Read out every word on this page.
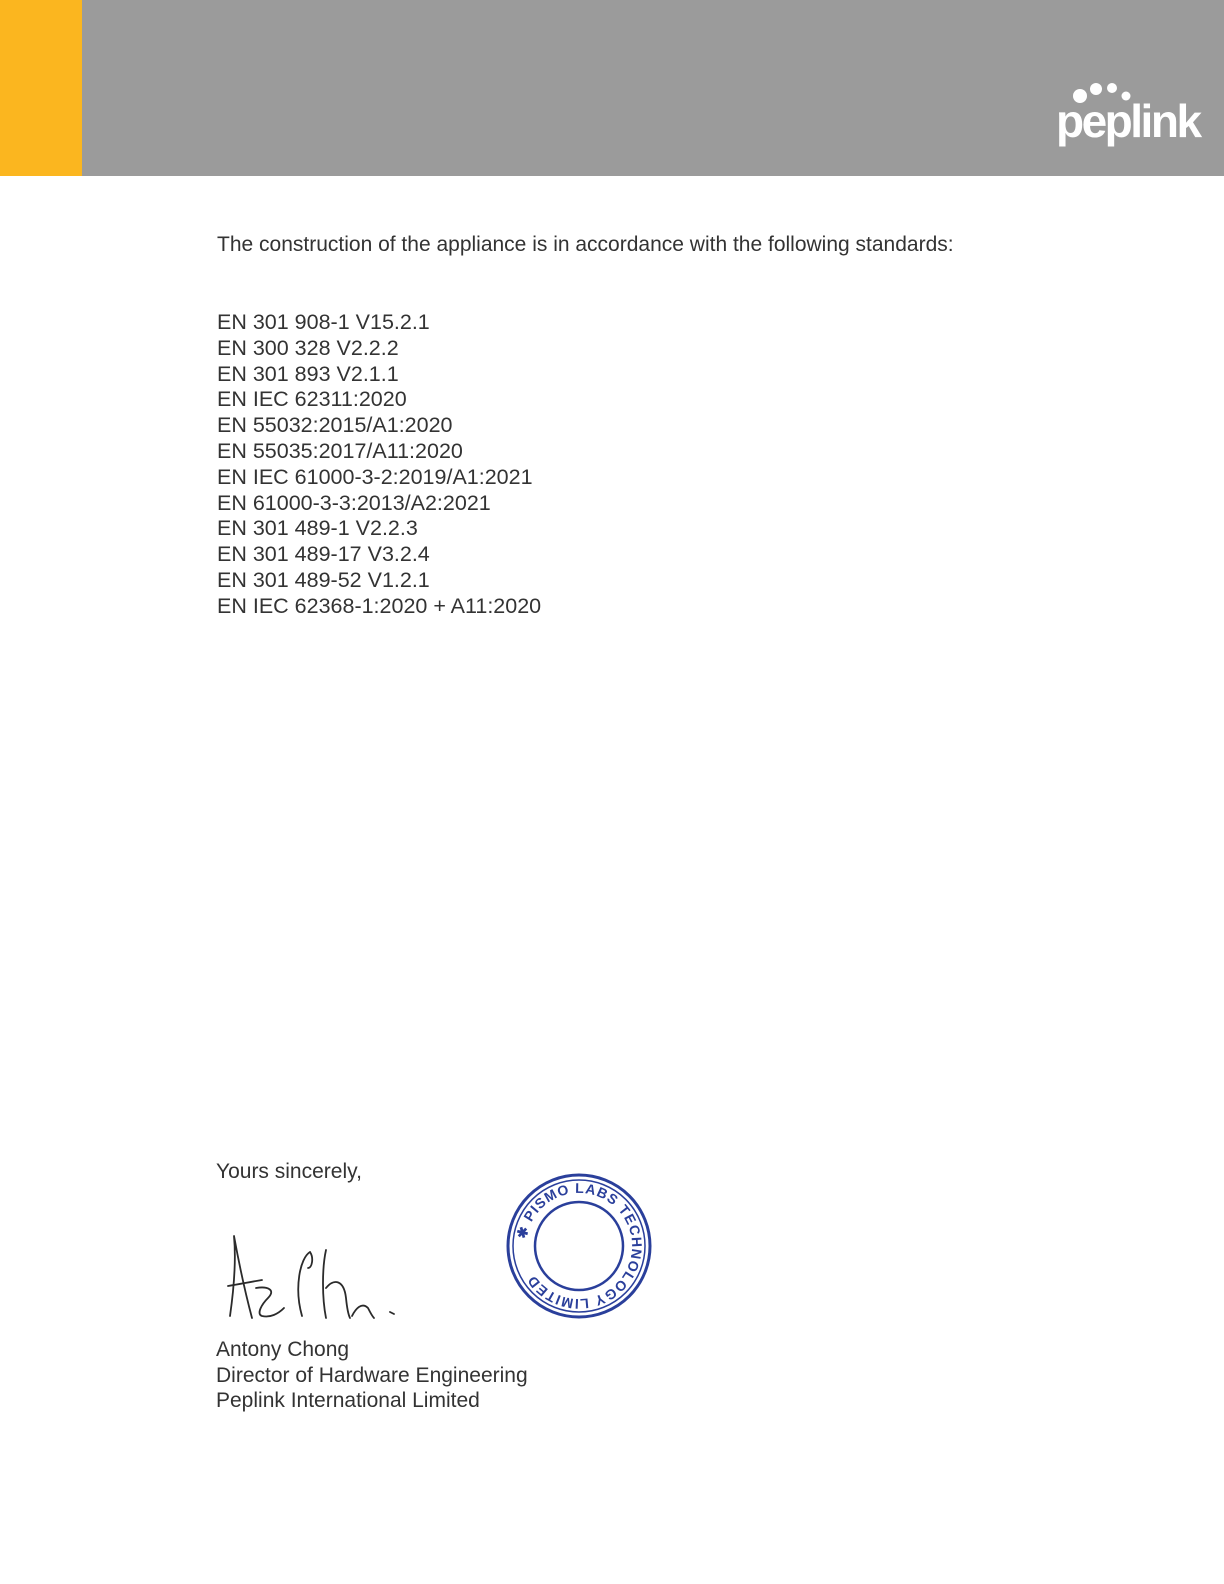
peplink
The construction of the appliance is in accordance with the following standards:
EN 301 908-1 V15.2.1
EN 300 328 V2.2.2
EN 301 893 V2.1.1
EN IEC 62311:2020
EN 55032:2015/A1:2020
EN 55035:2017/A11:2020
EN IEC 61000-3-2:2019/A1:2021
EN 61000-3-3:2013/A2:2021
EN 301 489-1 V2.2.3
EN 301 489-17 V3.2.4
EN 301 489-52 V1.2.1
EN IEC 62368-1:2020 + A11:2020
Yours sincerely,
✱ PISMO LABS TECHNOLOGY LIMITED
Antony Chong
Director of Hardware Engineering
Peplink International Limited
